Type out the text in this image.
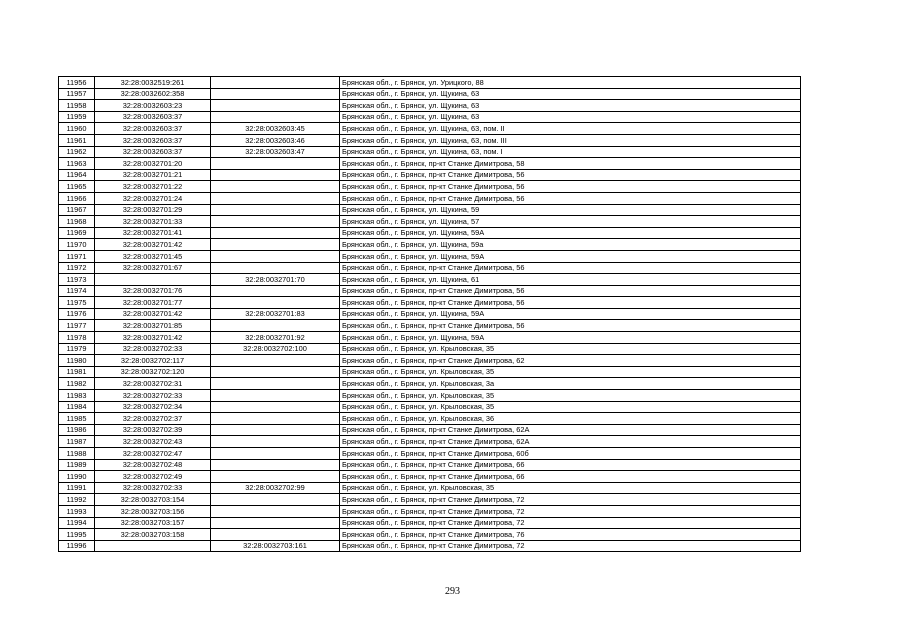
11956	32:28:0032519:261		Брянская обл., г. Брянск, ул. Урицкого, 88
11957	32:28:0032602:358		Брянская обл., г. Брянск, ул. Щукина, 63
11958	32:28:0032603:23		Брянская обл., г. Брянск, ул. Щукина, 63
11959	32:28:0032603:37		Брянская обл., г. Брянск, ул. Щукина, 63
11960	32:28:0032603:37	32:28:0032603:45	Брянская обл., г. Брянск, ул. Щукина, 63, пом. II
11961	32:28:0032603:37	32:28:0032603:46	Брянская обл., г. Брянск, ул. Щукина, 63, пом. III
11962	32:28:0032603:37	32:28:0032603:47	Брянская обл., г. Брянск, ул. Щукина, 63, пом. I
11963	32:28:0032701:20		Брянская обл., г. Брянск, пр-кт Станке Димитрова, 58
11964	32:28:0032701:21		Брянская обл., г. Брянск, пр-кт Станке Димитрова, 56
11965	32:28:0032701:22		Брянская обл., г. Брянск, пр-кт Станке Димитрова, 56
11966	32:28:0032701:24		Брянская обл., г. Брянск, пр-кт Станке Димитрова, 56
11967	32:28:0032701:29		Брянская обл., г. Брянск, ул. Щукина, 59
11968	32:28:0032701:33		Брянская обл., г. Брянск, ул. Щукина, 57
11969	32:28:0032701:41		Брянская обл., г. Брянск, ул. Щукина, 59А
11970	32:28:0032701:42		Брянская обл., г. Брянск, ул. Щукина, 59а
11971	32:28:0032701:45		Брянская обл., г. Брянск, ул. Щукина, 59А
11972	32:28:0032701:67		Брянская обл., г. Брянск, пр-кт Станке Димитрова, 56
11973		32:28:0032701:70	Брянская обл., г. Брянск, ул. Щукина, 61
11974	32:28:0032701:76		Брянская обл., г. Брянск, пр-кт Станке Димитрова, 56
11975	32:28:0032701:77		Брянская обл., г. Брянск, пр-кт Станке Димитрова, 56
11976	32:28:0032701:42	32:28:0032701:83	Брянская обл., г. Брянск, ул. Щукина, 59А
11977	32:28:0032701:85		Брянская обл., г. Брянск, пр-кт Станке Димитрова, 56
11978	32:28:0032701:42	32:28:0032701:92	Брянская обл., г. Брянск, ул. Щукина, 59А
11979	32:28:0032702:33	32:28:0032702:100	Брянская обл., г. Брянск, ул. Крыловская, 35
11980	32:28:0032702:117		Брянская обл., г. Брянск, пр-кт Станке Димитрова, 62
11981	32:28:0032702:120		Брянская обл., г. Брянск, ул. Крыловская, 35
11982	32:28:0032702:31		Брянская обл., г. Брянск, ул. Крыловская, 3а
11983	32:28:0032702:33		Брянская обл., г. Брянск, ул. Крыловская, 35
11984	32:28:0032702:34		Брянская обл., г. Брянск, ул. Крыловская, 35
11985	32:28:0032702:37		Брянская обл., г. Брянск, ул. Крыловская, 36
11986	32:28:0032702:39		Брянская обл., г. Брянск, пр-кт Станке Димитрова, 62А
11987	32:28:0032702:43		Брянская обл., г. Брянск, пр-кт Станке Димитрова, 62А
11988	32:28:0032702:47		Брянская обл., г. Брянск, пр-кт Станке Димитрова, 60б
11989	32:28:0032702:48		Брянская обл., г. Брянск, пр-кт Станке Димитрова, 66
11990	32:28:0032702:49		Брянская обл., г. Брянск, пр-кт Станке Димитрова, 66
11991	32:28:0032702:33	32:28:0032702:99	Брянская обл., г. Брянск, ул. Крыловская, 35
11992	32:28:0032703:154		Брянская обл., г. Брянск, пр-кт Станке Димитрова, 72
11993	32:28:0032703:156		Брянская обл., г. Брянск, пр-кт Станке Димитрова, 72
11994	32:28:0032703:157		Брянская обл., г. Брянск, пр-кт Станке Димитрова, 72
11995	32:28:0032703:158		Брянская обл., г. Брянск, пр-кт Станке Димитрова, 76
11996		32:28:0032703:161	Брянская обл., г. Брянск, пр-кт Станке Димитрова, 72
293
